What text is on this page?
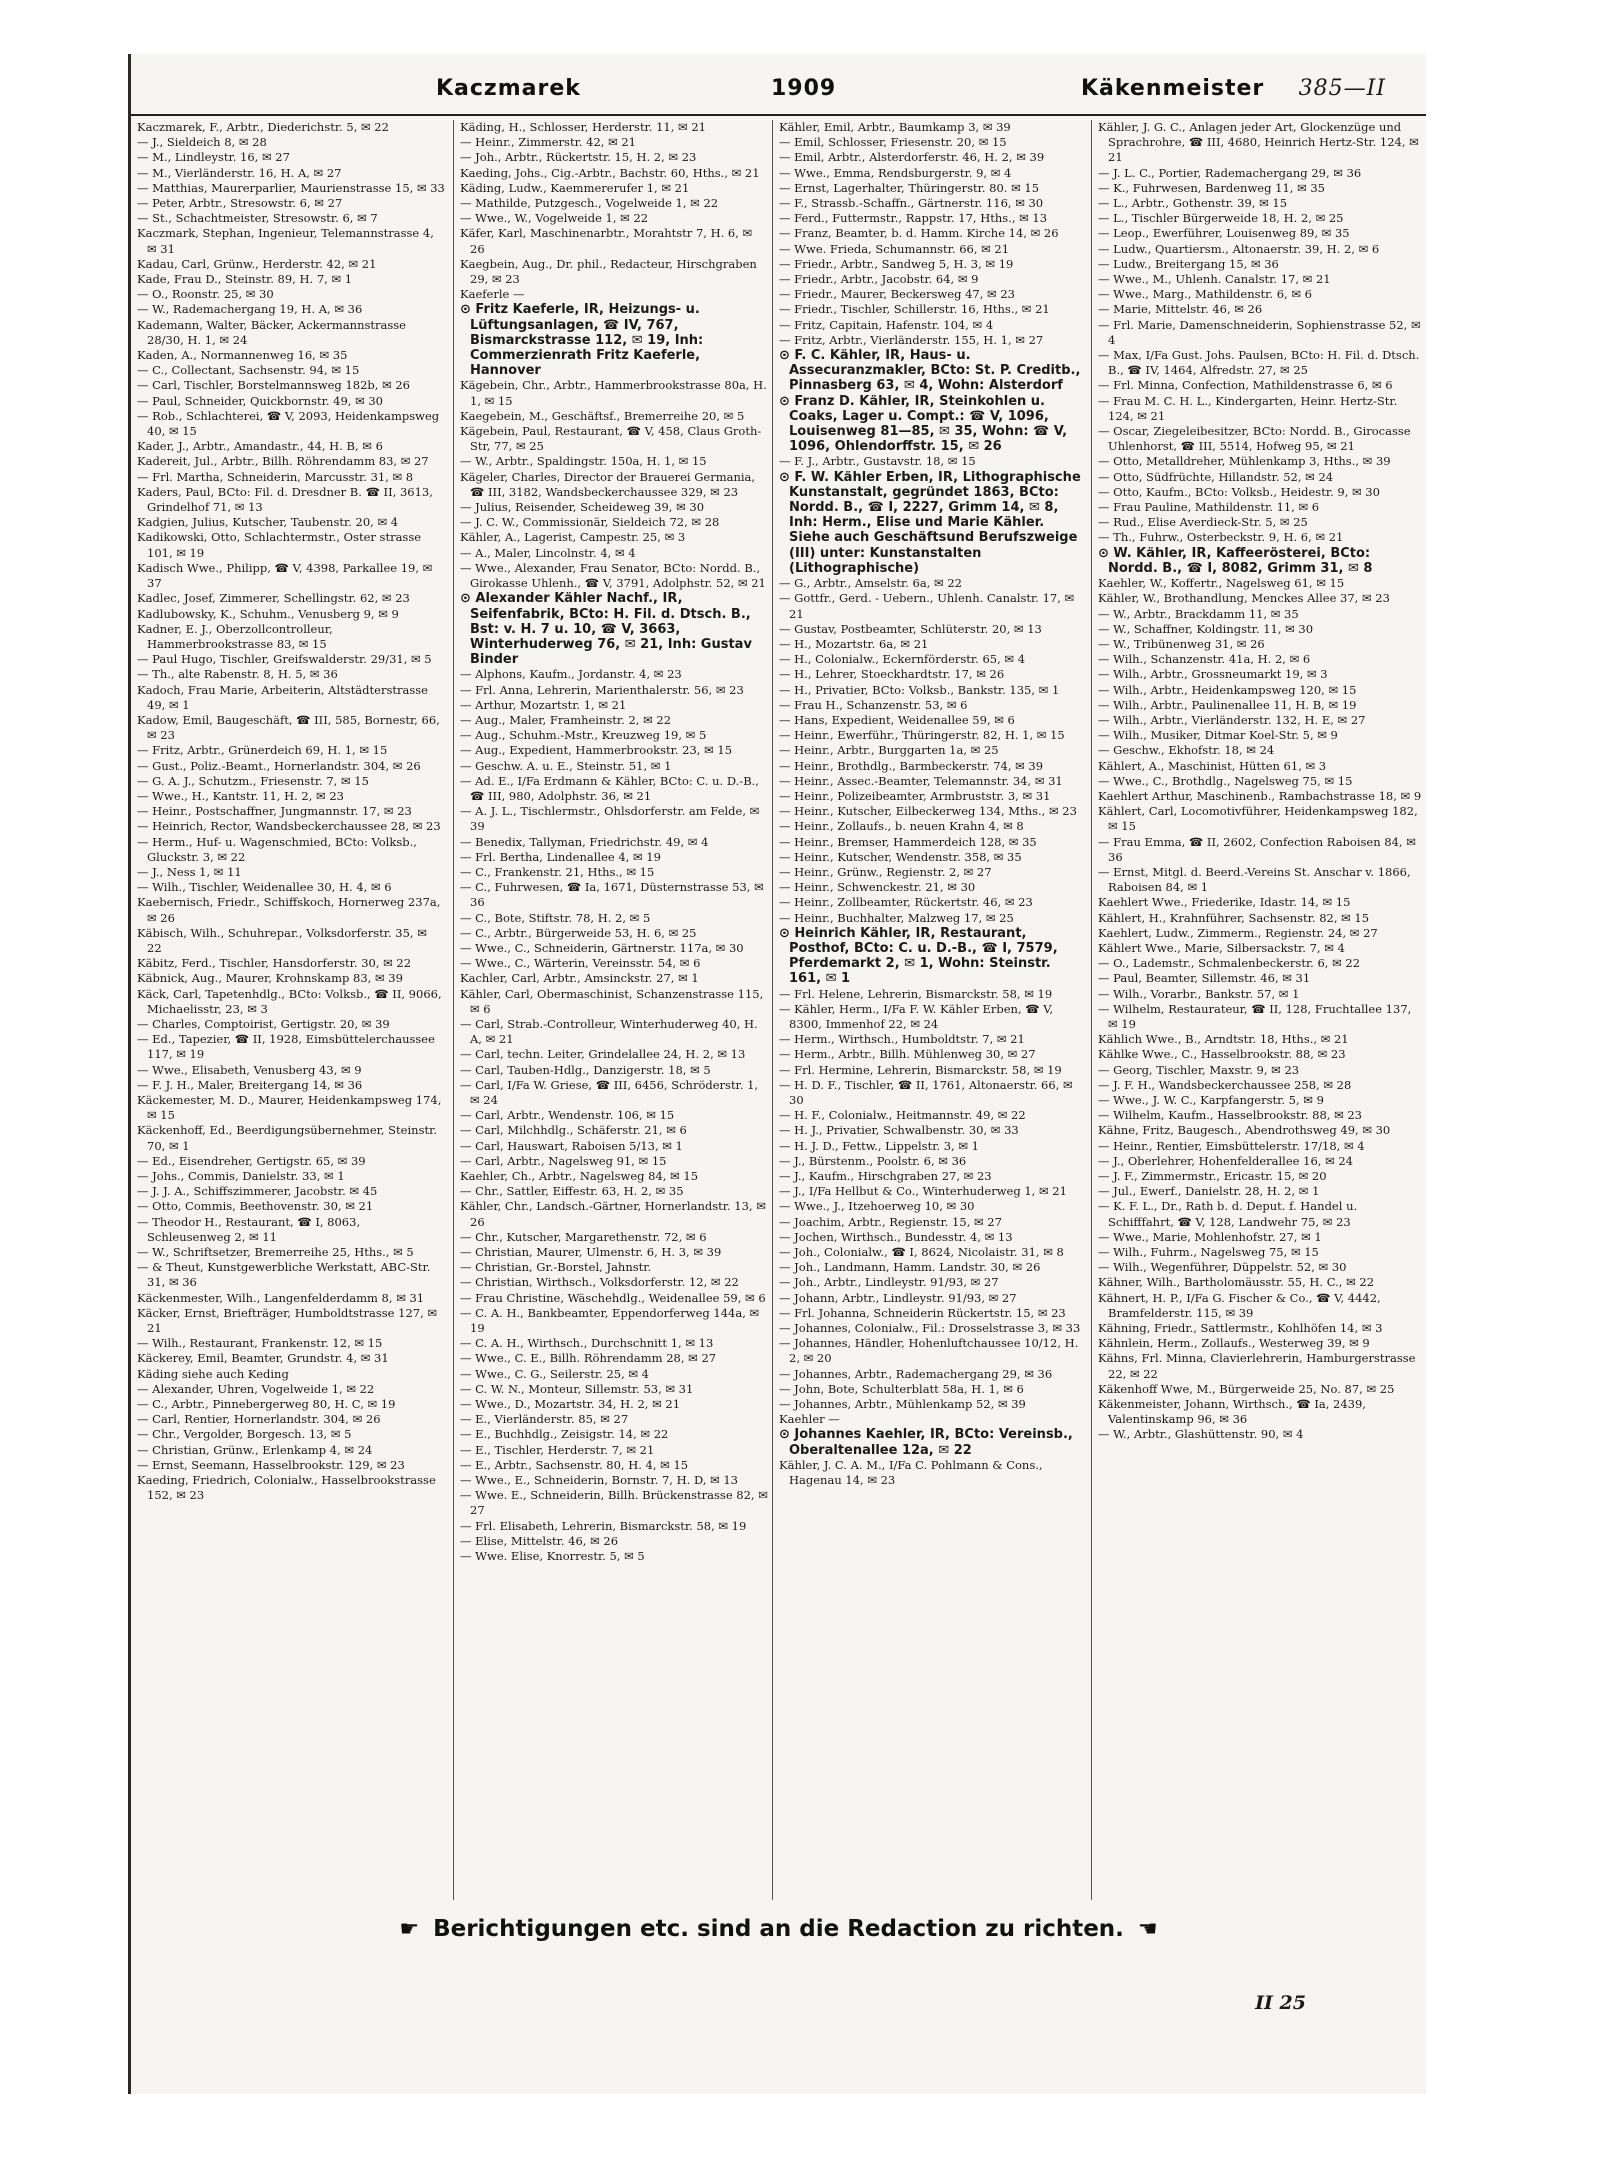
Kaczmarek	1909	Käkenmeister 385—II

Kaczmarek, F., Arbtr., Diederichstr. 5, ✉ 22

— J., Sieldeich 8, ✉ 28

— M., Lindleystr. 16, ✉ 27

— M., Vierländerstr. 16, H. A, ✉ 27

— Matthias, Maurerparlier, Maurienstrasse 15, ✉ 33

— Peter, Arbtr., Stresowstr. 6, ✉ 27

— St., Schachtmeister, Stresowstr. 6, ✉ 7

Kaczmark, Stephan, Ingenieur, Telemannstrasse 4, ✉ 31

Kadau, Carl, Grünw., Herderstr. 42, ✉ 21

Kade, Frau D., Steinstr. 89, H. 7, ✉ 1

— O., Roonstr. 25, ✉ 30

— W., Rademachergang 19, H. A, ✉ 36

Kademann, Walter, Bäcker, Ackermannstrasse 28/30, H. 1, ✉ 24

Kaden, A., Normannenweg 16, ✉ 35

— C., Collectant, Sachsenstr. 94, ✉ 15

— Carl, Tischler, Borstelmannsweg 182b, ✉ 26

— Paul, Schneider, Quickbornstr. 49, ✉ 30

— Rob., Schlachterei, ☎ V, 2093, Heidenkampsweg 40, ✉ 15

Kader, J., Arbtr., Amandastr., 44, H. B, ✉ 6

Kadereit, Jul., Arbtr., Billh. Röhrendamm 83, ✉ 27

— Frl. Martha, Schneiderin, Marcusstr. 31, ✉ 8

Kaders, Paul, BCto: Fil. d. Dresdner B. ☎ II, 3613, Grindelhof 71, ✉ 13

Kadgien, Julius, Kutscher, Taubenstr. 20, ✉ 4

Kadikowski, Otto, Schlachtermstr., Oster strasse 101, ✉ 19

Kadisch Wwe., Philipp, ☎ V, 4398, Parkallee 19, ✉ 37

Kadlec, Josef, Zimmerer, Schellingstr. 62, ✉ 23

Kadlubowsky, K., Schuhm., Venusberg 9, ✉ 9

Kadner, E. J., Oberzollcontrolleur, Hammerbrookstrasse 83, ✉ 15

— Paul Hugo, Tischler, Greifswalderstr. 29/31, ✉ 5

— Th., alte Rabenstr. 8, H. 5, ✉ 36

Kadoch, Frau Marie, Arbeiterin, Altstädterstrasse 49, ✉ 1

Kadow, Emil, Baugeschäft, ☎ III, 585, Bornestr, 66, ✉ 23

— Fritz, Arbtr., Grünerdeich 69, H. 1, ✉ 15

— Gust., Poliz.-Beamt., Hornerlandstr. 304, ✉ 26

— G. A. J., Schutzm., Friesenstr. 7, ✉ 15

— Wwe., H., Kantstr. 11, H. 2, ✉ 23

— Heinr., Postschaffner, Jungmannstr. 17, ✉ 23

— Heinrich, Rector, Wandsbeckerchaussee 28, ✉ 23

— Herm., Huf- u. Wagenschmied, BCto: Volksb., Gluckstr. 3, ✉ 22

— J., Ness 1, ✉ 11

— Wilh., Tischler, Weidenallee 30, H. 4, ✉ 6

Kaebernisch, Friedr., Schiffskoch, Hornerweg 237a, ✉ 26

Käbisch, Wilh., Schuhrepar., Volksdorferstr. 35, ✉ 22

Käbitz, Ferd., Tischler, Hansdorferstr. 30, ✉ 22

Käbnick, Aug., Maurer, Krohnskamp 83, ✉ 39

Käck, Carl, Tapetenhdlg., BCto: Volksb., ☎ II, 9066, Michaelisstr, 23, ✉ 3

— Charles, Comptoirist, Gertigstr. 20, ✉ 39

— Ed., Tapezier, ☎ II, 1928, Eimsbüttelerchaussee 117, ✉ 19

— Wwe., Elisabeth, Venusberg 43, ✉ 9

— F. J. H., Maler, Breitergang 14, ✉ 36

Käckemester, M. D., Maurer, Heidenkampsweg 174, ✉ 15

Käckenhoff, Ed., Beerdigungsübernehmer, Steinstr. 70, ✉ 1

— Ed., Eisendreher, Gertigstr. 65, ✉ 39

— Johs., Commis, Danielstr. 33, ✉ 1

— J. J. A., Schiffszimmerer, Jacobstr. ✉ 45

— Otto, Commis, Beethovenstr. 30, ✉ 21

— Theodor H., Restaurant, ☎ I, 8063, Schleusenweg 2, ✉ 11

— W., Schriftsetzer, Bremerreihe 25, Hths., ✉ 5

— & Theut, Kunstgewerbliche Werkstatt, ABC-Str. 31, ✉ 36

Käckenmester, Wilh., Langenfelderdamm 8, ✉ 31

Käcker, Ernst, Briefträger, Humboldtstrasse 127, ✉ 21

— Wilh., Restaurant, Frankenstr. 12, ✉ 15

Käckerey, Emil, Beamter, Grundstr. 4, ✉ 31

Käding siehe auch Keding

— Alexander, Uhren, Vogelweide 1, ✉ 22

— C., Arbtr., Pinnebergerweg 80, H. C, ✉ 19

— Carl, Rentier, Hornerlandstr. 304, ✉ 26

— Chr., Vergolder, Borgesch. 13, ✉ 5

— Christian, Grünw., Erlenkamp 4, ✉ 24

— Ernst, Seemann, Hasselbrookstr. 129, ✉ 23

Kaeding, Friedrich, Colonialw., Hasselbrookstrasse 152, ✉ 23

Käding, H., Schlosser, Herderstr. 11, ✉ 21

— Heinr., Zimmerstr. 42, ✉ 21

— Joh., Arbtr., Rückertstr. 15, H. 2, ✉ 23

Kaeding, Johs., Cig.-Arbtr., Bachstr. 60, Hths., ✉ 21

Käding, Ludw., Kaemmererufer 1, ✉ 21

— Mathilde, Putzgesch., Vogelweide 1, ✉ 22

— Wwe., W., Vogelweide 1, ✉ 22

Käfer, Karl, Maschinenarbtr., Morahtstr 7, H. 6, ✉ 26

Kaegbein, Aug., Dr. phil., Redacteur, Hirschgraben 29, ✉ 23

Kaeferle —

⊙ Fritz Kaeferle, IR, Heizungs- u. Lüftungsanlagen, ☎ IV, 767, Bismarckstrasse 112, ✉ 19, Inh: Commerzienrath Fritz Kaeferle, Hannover

Kägebein, Chr., Arbtr., Hammerbrookstrasse 80a, H. 1, ✉ 15

Kaegebein, M., Geschäftsf., Bremerreihe 20, ✉ 5

Kägebein, Paul, Restaurant, ☎ V, 458, Claus Groth-Str, 77, ✉ 25

— W., Arbtr., Spaldingstr. 150a, H. 1, ✉ 15

Kägeler, Charles, Director der Brauerei Germania, ☎ III, 3182, Wandsbeckerchaussee 329, ✉ 23

— Julius, Reisender, Scheideweg 39, ✉ 30

— J. C. W., Commissionär, Sieldeich 72, ✉ 28

Kähler, A., Lagerist, Campestr. 25, ✉ 3

— A., Maler, Lincolnstr. 4, ✉ 4

— Wwe., Alexander, Frau Senator, BCto: Nordd. B., Girokasse Uhlenh., ☎ V, 3791, Adolphstr. 52, ✉ 21

⊙ Alexander Kähler Nachf., IR, Seifenfabrik, BCto: H. Fil. d. Dtsch. B., Bst: v. H. 7 u. 10, ☎ V, 3663, Winterhuderweg 76, ✉ 21, Inh: Gustav Binder

— Alphons, Kaufm., Jordanstr. 4, ✉ 23

— Frl. Anna, Lehrerin, Marienthalerstr. 56, ✉ 23

— Arthur, Mozartstr. 1, ✉ 21

— Aug., Maler, Framheinstr. 2, ✉ 22

— Aug., Schuhm.-Mstr., Kreuzweg 19, ✉ 5

— Aug., Expedient, Hammerbrookstr. 23, ✉ 15

— Geschw. A. u. E., Steinstr. 51, ✉ 1

— Ad. E., I/Fa Erdmann & Kähler, BCto: C. u. D.-B., ☎ III, 980, Adolphstr. 36, ✉ 21

— A. J. L., Tischlermstr., Ohlsdorferstr. am Felde, ✉ 39

— Benedix, Tallyman, Friedrichstr. 49, ✉ 4

— Frl. Bertha, Lindenallee 4, ✉ 19

— C., Frankenstr. 21, Hths., ✉ 15

— C., Fuhrwesen, ☎ Ia, 1671, Düsternstrasse 53, ✉ 36

— C., Bote, Stiftstr. 78, H. 2, ✉ 5

— C., Arbtr., Bürgerweide 53, H. 6, ✉ 25

— Wwe., C., Schneiderin, Gärtnerstr. 117a, ✉ 30

— Wwe., C., Wärterin, Vereinsstr. 54, ✉ 6

Kachler, Carl, Arbtr., Amsinckstr. 27, ✉ 1

Kähler, Carl, Obermaschinist, Schanzenstrasse 115, ✉ 6

— Carl, Strab.-Controlleur, Winterhuderweg 40, H. A, ✉ 21

— Carl, techn. Leiter, Grindelallee 24, H. 2, ✉ 13

— Carl, Tauben-Hdlg., Danzigerstr. 18, ✉ 5

— Carl, I/Fa W. Griese, ☎ III, 6456, Schröderstr. 1, ✉ 24

— Carl, Arbtr., Wendenstr. 106, ✉ 15

— Carl, Milchhdlg., Schäferstr. 21, ✉ 6

— Carl, Hauswart, Raboisen 5/13, ✉ 1

— Carl, Arbtr., Nagelsweg 91, ✉ 15

Kaehler, Ch., Arbtr., Nagelsweg 84, ✉ 15

— Chr., Sattler, Eiffestr. 63, H. 2, ✉ 35

Kähler, Chr., Landsch.-Gärtner, Hornerlandstr. 13, ✉ 26

— Chr., Kutscher, Margarethenstr. 72, ✉ 6

— Christian, Maurer, Ulmenstr. 6, H. 3, ✉ 39

— Christian, Gr.-Borstel, Jahnstr.

— Christian, Wirthsch., Volksdorferstr. 12, ✉ 22

— Frau Christine, Wäschehdlg., Weidenallee 59, ✉ 6

— C. A. H., Bankbeamter, Eppendorferweg 144a, ✉ 19

— C. A. H., Wirthsch., Durchschnitt 1, ✉ 13

— Wwe., C. E., Billh. Röhrendamm 28, ✉ 27

— Wwe., C. G., Seilerstr. 25, ✉ 4

— C. W. N., Monteur, Sillemstr. 53, ✉ 31

— Wwe., D., Mozartstr. 34, H. 2, ✉ 21

— E., Vierländerstr. 85, ✉ 27

— E., Buchhdlg., Zeisigstr. 14, ✉ 22

— E., Tischler, Herderstr. 7, ✉ 21

— E., Arbtr., Sachsenstr. 80, H. 4, ✉ 15

— Wwe., E., Schneiderin, Bornstr. 7, H. D, ✉ 13

— Wwe. E., Schneiderin, Billh. Brückenstrasse 82, ✉ 27

— Frl. Elisabeth, Lehrerin, Bismarckstr. 58, ✉ 19

— Elise, Mittelstr. 46, ✉ 26

— Wwe. Elise, Knorrestr. 5, ✉ 5

Kähler, Emil, Arbtr., Baumkamp 3, ✉ 39

— Emil, Schlosser, Friesenstr. 20, ✉ 15

— Emil, Arbtr., Alsterdorferstr. 46, H. 2, ✉ 39

— Wwe., Emma, Rendsburgerstr. 9, ✉ 4

— Ernst, Lagerhalter, Thüringerstr. 80. ✉ 15

— F., Strassb.-Schaffn., Gärtnerstr. 116, ✉ 30

— Ferd., Futtermstr., Rappstr. 17, Hths., ✉ 13

— Franz, Beamter, b. d. Hamm. Kirche 14, ✉ 26

— Wwe. Frieda, Schumannstr. 66, ✉ 21

— Friedr., Arbtr., Sandweg 5, H. 3, ✉ 19

— Friedr., Arbtr., Jacobstr. 64, ✉ 9

— Friedr., Maurer, Beckersweg 47, ✉ 23

— Friedr., Tischler, Schillerstr. 16, Hths., ✉ 21

— Fritz, Capitain, Hafenstr. 104, ✉ 4

— Fritz, Arbtr., Vierländerstr. 155, H. 1, ✉ 27

⊙ F. C. Kähler, IR, Haus- u. Assecuranzmakler, BCto: St. P. Creditb., Pinnasberg 63, ✉ 4, Wohn: Alsterdorf

⊙ Franz D. Kähler, IR, Steinkohlen u. Coaks, Lager u. Compt.: ☎ V, 1096, Louisenweg 81—85, ✉ 35, Wohn: ☎ V, 1096, Ohlendorffstr. 15, ✉ 26

— F. J., Arbtr., Gustavstr. 18, ✉ 15

⊙ F. W. Kähler Erben, IR, Lithographische Kunstanstalt, gegründet 1863, BCto: Nordd. B., ☎ I, 2227, Grimm 14, ✉ 8, Inh: Herm., Elise und Marie Kähler. Siehe auch Geschäftsund Berufszweige (III) unter: Kunstanstalten (Lithographische)

— G., Arbtr., Amselstr. 6a, ✉ 22

— Gottfr., Gerd. - Uebern., Uhlenh. Canalstr. 17, ✉ 21

— Gustav, Postbeamter, Schlüterstr. 20, ✉ 13

— H., Mozartstr. 6a, ✉ 21

— H., Colonialw., Eckernförderstr. 65, ✉ 4

— H., Lehrer, Stoeckhardtstr. 17, ✉ 26

— H., Privatier, BCto: Volksb., Bankstr. 135, ✉ 1

— Frau H., Schanzenstr. 53, ✉ 6

— Hans, Expedient, Weidenallee 59, ✉ 6

— Heinr., Ewerführ., Thüringerstr. 82, H. 1, ✉ 15

— Heinr., Arbtr., Burggarten 1a, ✉ 25

— Heinr., Brothdlg., Barmbeckerstr. 74, ✉ 39

— Heinr., Assec.-Beamter, Telemannstr. 34, ✉ 31

— Heinr., Polizeibeamter, Armbruststr. 3, ✉ 31

— Heinr., Kutscher, Eilbeckerweg 134, Mths., ✉ 23

— Heinr., Zollaufs., b. neuen Krahn 4, ✉ 8

— Heinr., Bremser, Hammerdeich 128, ✉ 35

— Heinr., Kutscher, Wendenstr. 358, ✉ 35

— Heinr., Grünw., Regienstr. 2, ✉ 27

— Heinr., Schwenckestr. 21, ✉ 30

— Heinr., Zollbeamter, Rückertstr. 46, ✉ 23

— Heinr., Buchhalter, Malzweg 17, ✉ 25

⊙ Heinrich Kähler, IR, Restaurant, Posthof, BCto: C. u. D.-B., ☎ I, 7579, Pferdemarkt 2, ✉ 1, Wohn: Steinstr. 161, ✉ 1

— Frl. Helene, Lehrerin, Bismarckstr. 58, ✉ 19

— Kähler, Herm., I/Fa F. W. Kähler Erben, ☎ V, 8300, Immenhof 22, ✉ 24

— Herm., Wirthsch., Humboldtstr. 7, ✉ 21

— Herm., Arbtr., Billh. Mühlenweg 30, ✉ 27

— Frl. Hermine, Lehrerin, Bismarckstr. 58, ✉ 19

— H. D. F., Tischler, ☎ II, 1761, Altonaerstr. 66, ✉ 30

— H. F., Colonialw., Heitmannstr. 49, ✉ 22

— H. J., Privatier, Schwalbenstr. 30, ✉ 33

— H. J. D., Fettw., Lippelstr. 3, ✉ 1

— J., Bürstenm., Poolstr. 6, ✉ 36

— J., Kaufm., Hirschgraben 27, ✉ 23

— J., I/Fa Hellbut & Co., Winterhuderweg 1, ✉ 21

— Wwe., J., Itzehoerweg 10, ✉ 30

— Joachim, Arbtr., Regienstr. 15, ✉ 27

— Jochen, Wirthsch., Bundesstr. 4, ✉ 13

— Joh., Colonialw., ☎ I, 8624, Nicolaistr. 31, ✉ 8

— Joh., Landmann, Hamm. Landstr. 30, ✉ 26

— Joh., Arbtr., Lindleystr. 91/93, ✉ 27

— Johann, Arbtr., Lindleystr. 91/93, ✉ 27

— Frl. Johanna, Schneiderin Rückertstr. 15, ✉ 23

— Johannes, Colonialw., Fil.: Drosselstrasse 3, ✉ 33

— Johannes, Händler, Hohenluftchaussee 10/12, H. 2, ✉ 20

— Johannes, Arbtr., Rademachergang 29, ✉ 36

— John, Bote, Schulterblatt 58a, H. 1, ✉ 6

— Johannes, Arbtr., Mühlenkamp 52, ✉ 39

Kaehler —

⊙ Johannes Kaehler, IR, BCto: Vereinsb., Oberaltenallee 12a, ✉ 22

Kähler, J. C. A. M., I/Fa C. Pohlmann & Cons., Hagenau 14, ✉ 23

Kähler, J. G. C., Anlagen jeder Art, Glockenzüge und Sprachrohre, ☎ III, 4680, Heinrich Hertz-Str. 124, ✉ 21

— J. L. C., Portier, Rademachergang 29, ✉ 36

— K., Fuhrwesen, Bardenweg 11, ✉ 35

— L., Arbtr., Gothenstr. 39, ✉ 15

— L., Tischler Bürgerweide 18, H. 2, ✉ 25

— Leop., Ewerführer, Louisenweg 89, ✉ 35

— Ludw., Quartiersm., Altonaerstr. 39, H. 2, ✉ 6

— Ludw., Breitergang 15, ✉ 36

— Wwe., M., Uhlenh. Canalstr. 17, ✉ 21

— Wwe., Marg., Mathildenstr. 6, ✉ 6

— Marie, Mittelstr. 46, ✉ 26

— Frl. Marie, Damenschneiderin, Sophienstrasse 52, ✉ 4

— Max, I/Fa Gust. Johs. Paulsen, BCto: H. Fil. d. Dtsch. B., ☎ IV, 1464, Alfredstr. 27, ✉ 25

— Frl. Minna, Confection, Mathildenstrasse 6, ✉ 6

— Frau M. C. H. L., Kindergarten, Heinr. Hertz-Str. 124, ✉ 21

— Oscar, Ziegeleibesitzer, BCto: Nordd. B., Girocasse Uhlenhorst, ☎ III, 5514, Hofweg 95, ✉ 21

— Otto, Metalldreher, Mühlenkamp 3, Hths., ✉ 39

— Otto, Südfrüchte, Hillandstr. 52, ✉ 24

— Otto, Kaufm., BCto: Volksb., Heidestr. 9, ✉ 30

— Frau Pauline, Mathildenstr. 11, ✉ 6

— Rud., Elise Averdieck-Str. 5, ✉ 25

— Th., Fuhrw., Osterbeckstr. 9, H. 6, ✉ 21

⊙ W. Kähler, IR, Kaffeerösterei, BCto: Nordd. B., ☎ I, 8082, Grimm 31, ✉ 8

Kaehler, W., Koffertr., Nagelsweg 61, ✉ 15

Kähler, W., Brothandlung, Menckes Allee 37, ✉ 23

— W., Arbtr., Brackdamm 11, ✉ 35

— W., Schaffner, Koldingstr. 11, ✉ 30

— W., Tribünenweg 31, ✉ 26

— Wilh., Schanzenstr. 41a, H. 2, ✉ 6

— Wilh., Arbtr., Grossneumarkt 19, ✉ 3

— Wilh., Arbtr., Heidenkampsweg 120, ✉ 15

— Wilh., Arbtr., Paulinenallee 11, H. B, ✉ 19

— Wilh., Arbtr., Vierländerstr. 132, H. E, ✉ 27

— Wilh., Musiker, Ditmar Koel-Str. 5, ✉ 9

— Geschw., Ekhofstr. 18, ✉ 24

Kählert, A., Maschinist, Hütten 61, ✉ 3

— Wwe., C., Brothdlg., Nagelsweg 75, ✉ 15

Kaehlert Arthur, Maschinenb., Rambachstrasse 18, ✉ 9

Kählert, Carl, Locomotivführer, Heidenkampsweg 182, ✉ 15

— Frau Emma, ☎ II, 2602, Confection Raboisen 84, ✉ 36

— Ernst, Mitgl. d. Beerd.-Vereins St. Anschar v. 1866, Raboisen 84, ✉ 1

Kaehlert Wwe., Friederike, Idastr. 14, ✉ 15

Kählert, H., Krahnführer, Sachsenstr. 82, ✉ 15

Kaehlert, Ludw., Zimmerm., Regienstr. 24, ✉ 27

Kählert Wwe., Marie, Silbersackstr. 7, ✉ 4

— O., Lademstr., Schmalenbeckerstr. 6, ✉ 22

— Paul, Beamter, Sillemstr. 46, ✉ 31

— Wilh., Vorarbr., Bankstr. 57, ✉ 1

— Wilhelm, Restaurateur, ☎ II, 128, Fruchtallee 137, ✉ 19

Kählich Wwe., B., Arndtstr. 18, Hths., ✉ 21

Kählke Wwe., C., Hasselbrookstr. 88, ✉ 23

— Georg, Tischler, Maxstr. 9, ✉ 23

— J. F. H., Wandsbeckerchaussee 258, ✉ 28

— Wwe., J. W. C., Karpfangerstr. 5, ✉ 9

— Wilhelm, Kaufm., Hasselbrookstr. 88, ✉ 23

Kähne, Fritz, Baugesch., Abendrothsweg 49, ✉ 30

— Heinr., Rentier, Eimsbüttelerstr. 17/18, ✉ 4

— J., Oberlehrer, Hohenfelderallee 16, ✉ 24

— J. F., Zimmermstr., Ericastr. 15, ✉ 20

— Jul., Ewerf., Danielstr. 28, H. 2, ✉ 1

— K. F. L., Dr., Rath b. d. Deput. f. Handel u. Schifffahrt, ☎ V, 128, Landwehr 75, ✉ 23

— Wwe., Marie, Mohlenhofstr. 27, ✉ 1

— Wilh., Fuhrm., Nagelsweg 75, ✉ 15

— Wilh., Wegenführer, Düppelstr. 52, ✉ 30

Kähner, Wilh., Bartholomäusstr. 55, H. C., ✉ 22

Kähnert, H. P., I/Fa G. Fischer & Co., ☎ V, 4442, Bramfelderstr. 115, ✉ 39

Kähning, Friedr., Sattlermstr., Kohlhöfen 14, ✉ 3

Kähnlein, Herm., Zollaufs., Westerweg 39, ✉ 9

Kähns, Frl. Minna, Clavierlehrerin, Hamburgerstrasse 22, ✉ 22

Käkenhoff Wwe, M., Bürgerweide 25, No. 87, ✉ 25

Käkenmeister, Johann, Wirthsch., ☎ Ia, 2439, Valentinskamp 96, ✉ 36

— W., Arbtr., Glashüttenstr. 90, ✉ 4

☛ Berichtigungen etc. sind an die Redaction zu richten. ☚
II 25
